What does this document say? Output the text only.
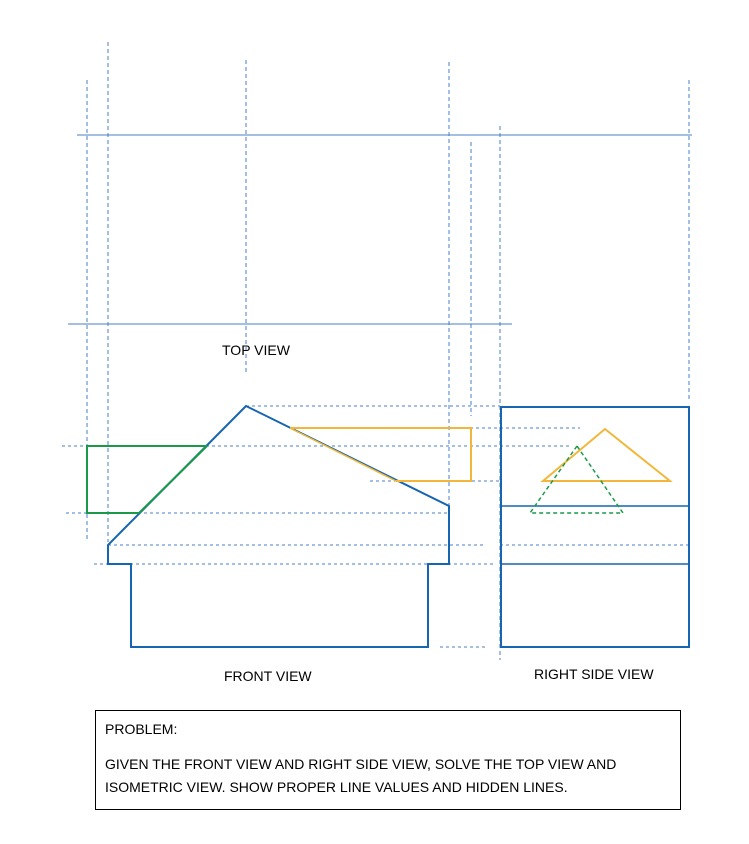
TOP VIEW
FRONT VIEW	RIGHT SIDE VIEW
PROBLEM:
GIVEN THE FRONT VIEW AND RIGHT SIDE VIEW, SOLVE THE TOP VIEW AND ISOMETRIC VIEW. SHOW PROPER LINE VALUES AND HIDDEN LINES.
